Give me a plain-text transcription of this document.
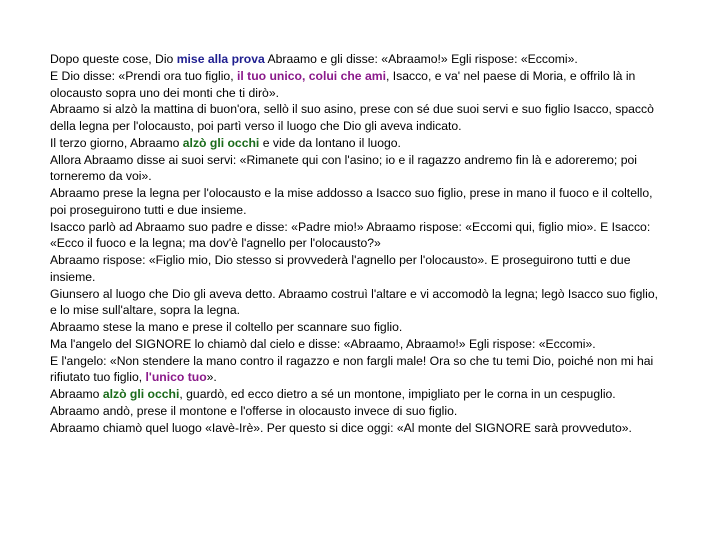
Dopo queste cose, Dio mise alla prova Abraamo e gli disse: «Abraamo!» Egli rispose: «Eccomi».
E Dio disse: «Prendi ora tuo figlio, il tuo unico, colui che ami, Isacco, e va' nel paese di Moria, e offrilo là in olocausto sopra uno dei monti che ti dirò».
Abraamo si alzò la mattina di buon'ora, sellò il suo asino, prese con sé due suoi servi e suo figlio Isacco, spaccò della legna per l'olocausto, poi partì verso il luogo che Dio gli aveva indicato.
Il terzo giorno, Abraamo alzò gli occhi e vide da lontano il luogo.
Allora Abraamo disse ai suoi servi: «Rimanete qui con l'asino; io e il ragazzo andremo fin là e adoreremo; poi torneremo da voi».
Abraamo prese la legna per l'olocausto e la mise addosso a Isacco suo figlio, prese in mano il fuoco e il coltello, poi proseguirono tutti e due insieme.
Isacco parlò ad Abraamo suo padre e disse: «Padre mio!» Abraamo rispose: «Eccomi qui, figlio mio». E Isacco: «Ecco il fuoco e la legna; ma dov'è l'agnello per l'olocausto?»
Abraamo rispose: «Figlio mio, Dio stesso si provvederà l'agnello per l'olocausto». E proseguirono tutti e due insieme.
Giunsero al luogo che Dio gli aveva detto. Abraamo costruì l'altare e vi accomodò la legna; legò Isacco suo figlio, e lo mise sull'altare, sopra la legna.
Abraamo stese la mano e prese il coltello per scannare suo figlio.
Ma l'angelo del SIGNORE lo chiamò dal cielo e disse: «Abraamo, Abraamo!» Egli rispose: «Eccomi».
E l'angelo: «Non stendere la mano contro il ragazzo e non fargli male! Ora so che tu temi Dio, poiché non mi hai rifiutato tuo figlio, l'unico tuo».
Abraamo alzò gli occhi, guardò, ed ecco dietro a sé un montone, impigliato per le corna in un cespuglio. Abraamo andò, prese il montone e l'offerse in olocausto invece di suo figlio.
Abraamo chiamò quel luogo «Iavè-Irè». Per questo si dice oggi: «Al monte del SIGNORE sarà provveduto».
